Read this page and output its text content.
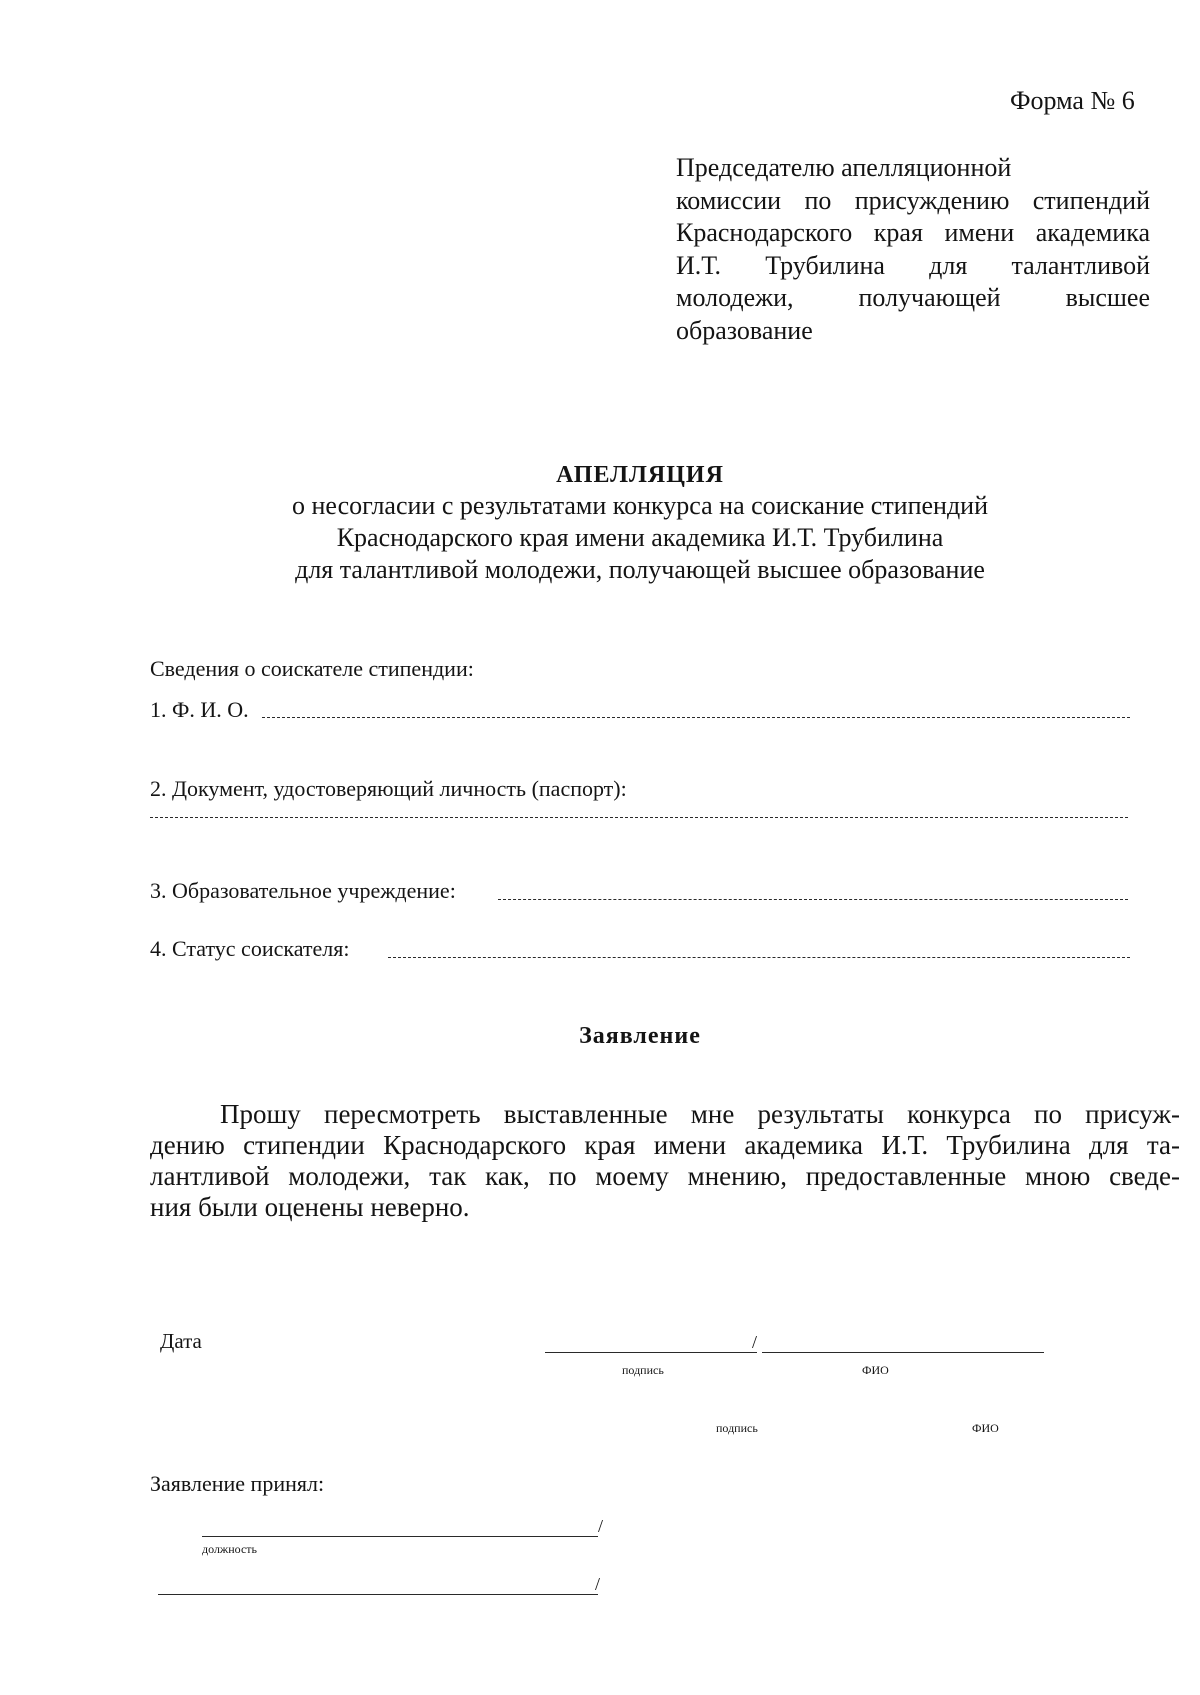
Форма № 6
Председателю апелляционной
комиссии по присуждению стипендий
Краснодарского края имени академика
И.Т. Трубилина для талантливой
молодежи, получающей высшее
образование
АПЕЛЛЯЦИЯ
о несогласии с результатами конкурса на соискание стипендий
Краснодарского края имени академика И.Т. Трубилина
для талантливой молодежи, получающей высшее образование
Сведения о соискателе стипендии:
1. Ф. И. О.
2. Документ, удостоверяющий личность (паспорт):
3. Образовательное учреждение:
4. Статус соискателя:
Заявление
Прошу пересмотреть выставленные мне результаты конкурса по присуж-
дению стипендии Краснодарского края имени академика И.Т. Трубилина для та-
лантливой молодежи, так как, по моему мнению, предоставленные мною сведе-
ния были оценены неверно.
Дата	/
подпись	ФИО
подпись	ФИО
Заявление принял:
/
должность
/
